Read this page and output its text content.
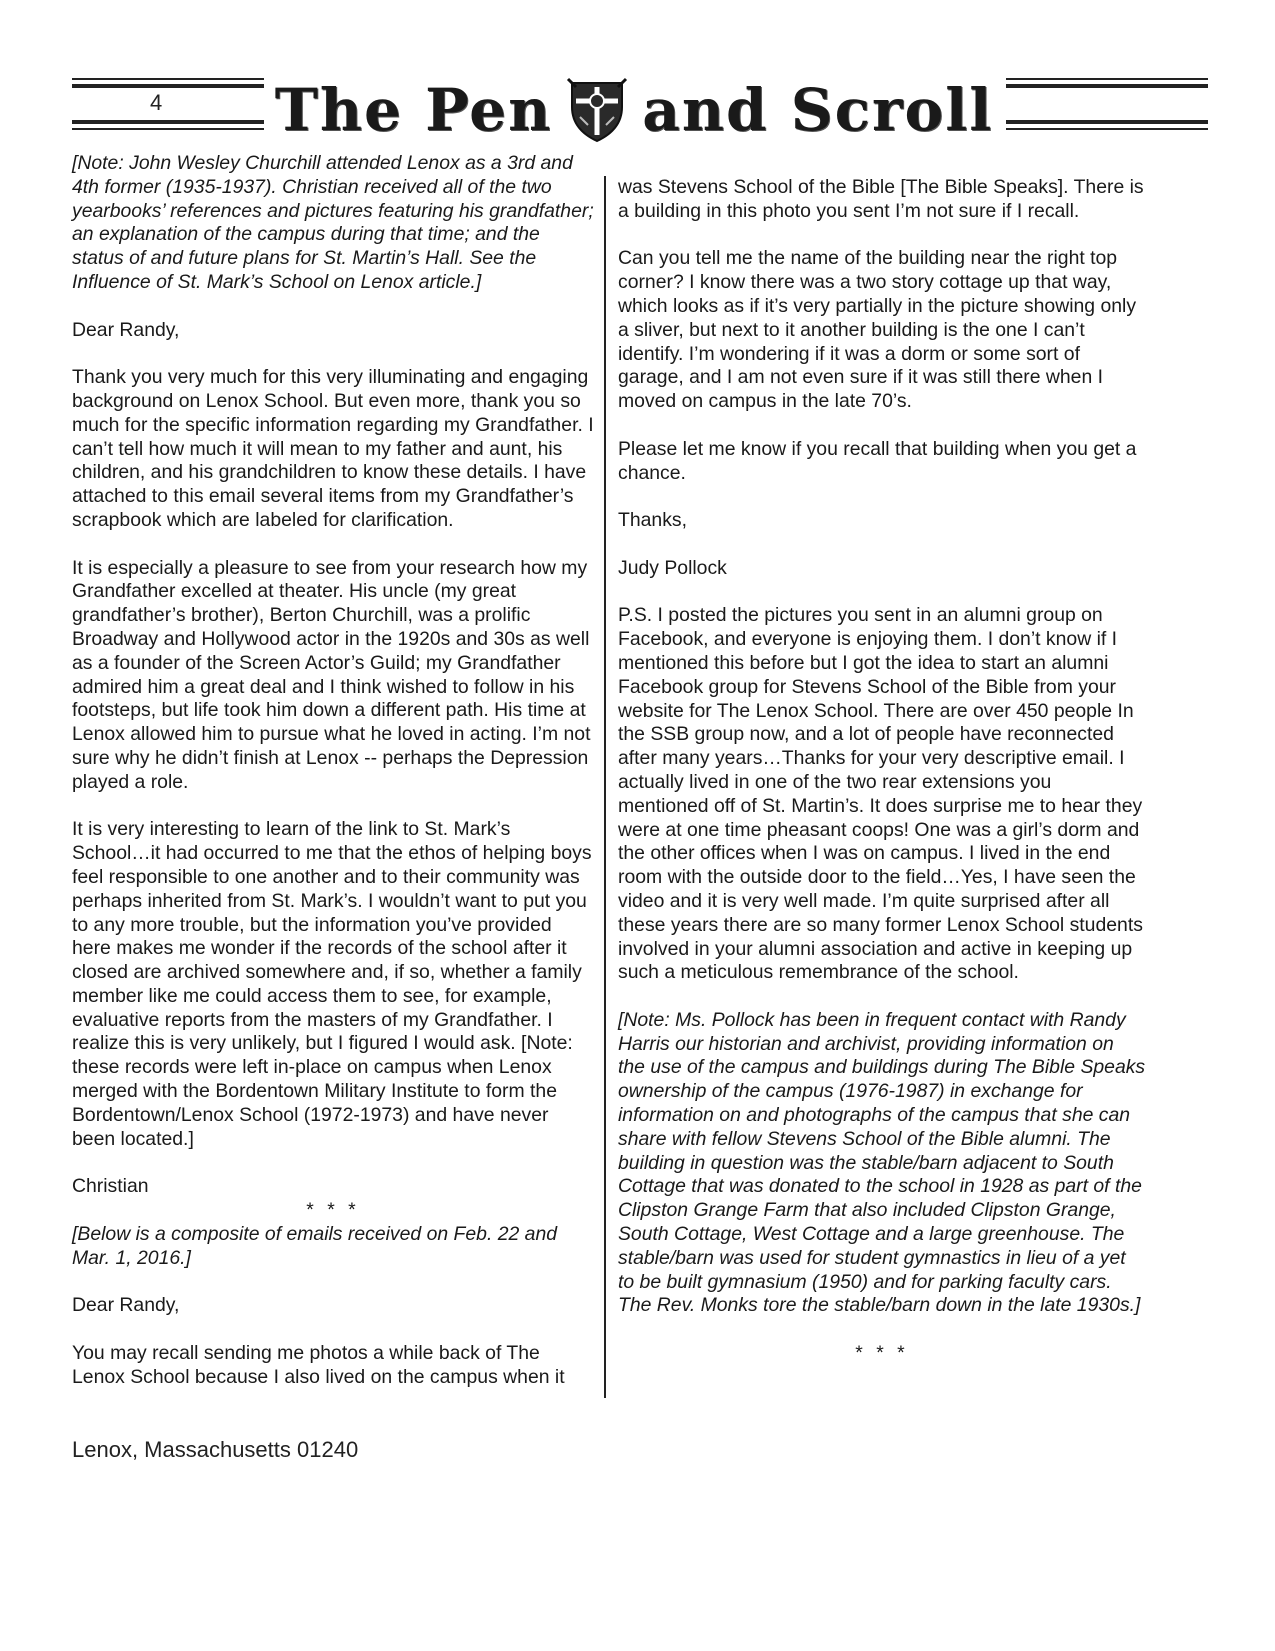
4 The Pen and Scroll

[Note: John Wesley Churchill attended Lenox as a 3rd and 4th former (1935-1937). Christian received all of the two yearbooks’ references and pictures featuring his grandfather; an explanation of the campus during that time; and the status of and future plans for St. Martin’s Hall. See the Influence of St. Mark’s School on Lenox article.]

Dear Randy,

Thank you very much for this very illuminating and engaging background on Lenox School. But even more, thank you so much for the specific information regarding my Grandfather. I can’t tell how much it will mean to my father and aunt, his children, and his grandchildren to know these details. I have attached to this email several items from my Grandfather’s scrapbook which are labeled for clarification.

It is especially a pleasure to see from your research how my Grandfather excelled at theater. His uncle (my great grandfather’s brother), Berton Churchill, was a prolific Broadway and Hollywood actor in the 1920s and 30s as well as a founder of the Screen Actor’s Guild; my Grandfather admired him a great deal and I think wished to follow in his footsteps, but life took him down a different path. His time at Lenox allowed him to pursue what he loved in acting. I’m not sure why he didn’t finish at Lenox -- perhaps the Depression played a role.

It is very interesting to learn of the link to St. Mark’s School…it had occurred to me that the ethos of helping boys feel responsible to one another and to their community was perhaps inherited from St. Mark’s. I wouldn’t want to put you to any more trouble, but the information you’ve provided here makes me wonder if the records of the school after it closed are archived somewhere and, if so, whether a family member like me could access them to see, for example, evaluative reports from the masters of my Grandfather. I realize this is very unlikely, but I figured I would ask. [Note: these records were left in-place on campus when Lenox merged with the Bordentown Military Institute to form the Bordentown/Lenox School (1972-1973) and have never been located.]

Christian

* * *

[Below is a composite of emails received on Feb. 22 and Mar. 1, 2016.]

Dear Randy,

You may recall sending me photos a while back of The Lenox School because I also lived on the campus when it

was Stevens School of the Bible [The Bible Speaks]. There is a building in this photo you sent I’m not sure if I recall.

Can you tell me the name of the building near the right top corner? I know there was a two story cottage up that way, which looks as if it’s very partially in the picture showing only a sliver, but next to it another building is the one I can’t identify. I’m wondering if it was a dorm or some sort of garage, and I am not even sure if it was still there when I moved on campus in the late 70’s.

Please let me know if you recall that building when you get a chance.

Thanks,

Judy Pollock

P.S. I posted the pictures you sent in an alumni group on Facebook, and everyone is enjoying them. I don’t know if I mentioned this before but I got the idea to start an alumni Facebook group for Stevens School of the Bible from your website for The Lenox School. There are over 450 people In the SSB group now, and a lot of people have reconnected after many years…Thanks for your very descriptive email. I actually lived in one of the two rear extensions you mentioned off of St. Martin’s. It does surprise me to hear they were at one time pheasant coops! One was a girl’s dorm and the other offices when I was on campus. I lived in the end room with the outside door to the field…Yes, I have seen the video and it is very well made. I’m quite surprised after all these years there are so many former Lenox School students involved in your alumni association and active in keeping up such a meticulous remembrance of the school.

[Note: Ms. Pollock has been in frequent contact with Randy Harris our historian and archivist, providing information on the use of the campus and buildings during The Bible Speaks ownership of the campus (1976-1987) in exchange for information on and photographs of the campus that she can share with fellow Stevens School of the Bible alumni. The building in question was the stable/barn adjacent to South Cottage that was donated to the school in 1928 as part of the Clipston Grange Farm that also included Clipston Grange, South Cottage, West Cottage and a large greenhouse. The stable/barn was used for student gymnastics in lieu of a yet to be built gymnasium (1950) and for parking faculty cars. The Rev. Monks tore the stable/barn down in the late 1930s.]

* * *
Lenox, Massachusetts 01240
